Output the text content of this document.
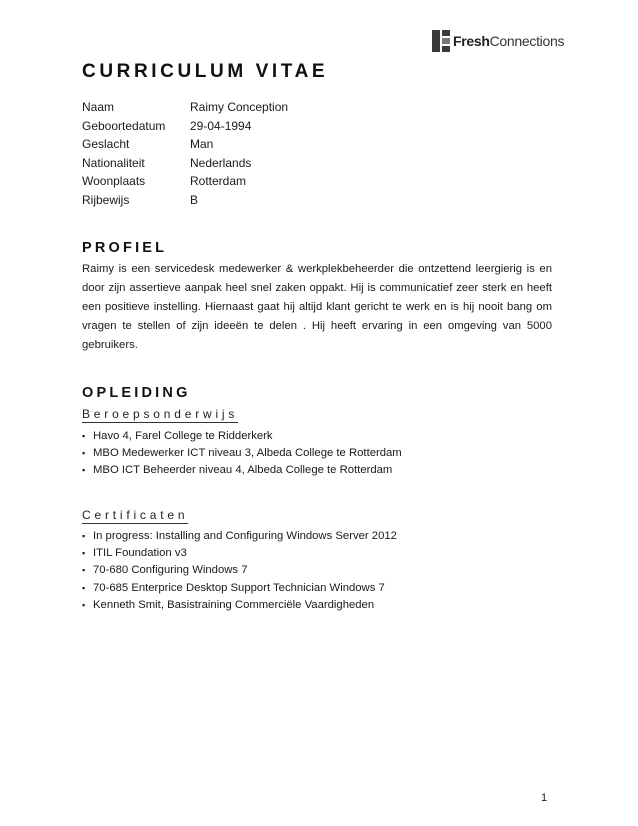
FreshConnections
CURRICULUM VITAE
Naam	Raimy Conception
Geboortedatum	29-04-1994
Geslacht	Man
Nationaliteit	Nederlands
Woonplaats	Rotterdam
Rijbewijs	B
PROFIEL
Raimy is een servicedesk medewerker & werkplekbeheerder die ontzettend leergierig is en door zijn assertieve aanpak heel snel zaken oppakt. Hij is communicatief zeer sterk en heeft een positieve instelling. Hiernaast gaat hij altijd klant gericht te werk en is hij nooit bang om vragen te stellen of zijn ideeën te delen . Hij heeft ervaring in een omgeving van 5000 gebruikers.
OPLEIDING
Beroepsonderwijs
▪ Havo 4, Farel College te Ridderkerk
▪ MBO Medewerker ICT niveau 3, Albeda College te Rotterdam
▪ MBO ICT Beheerder niveau 4, Albeda College te Rotterdam
Certificaten
▪ In progress: Installing and Configuring Windows Server 2012
▪ ITIL Foundation v3
▪ 70-680 Configuring Windows 7
▪ 70-685 Enterprice Desktop Support Technician Windows 7
▪ Kenneth Smit, Basistraining Commerciële Vaardigheden
1
